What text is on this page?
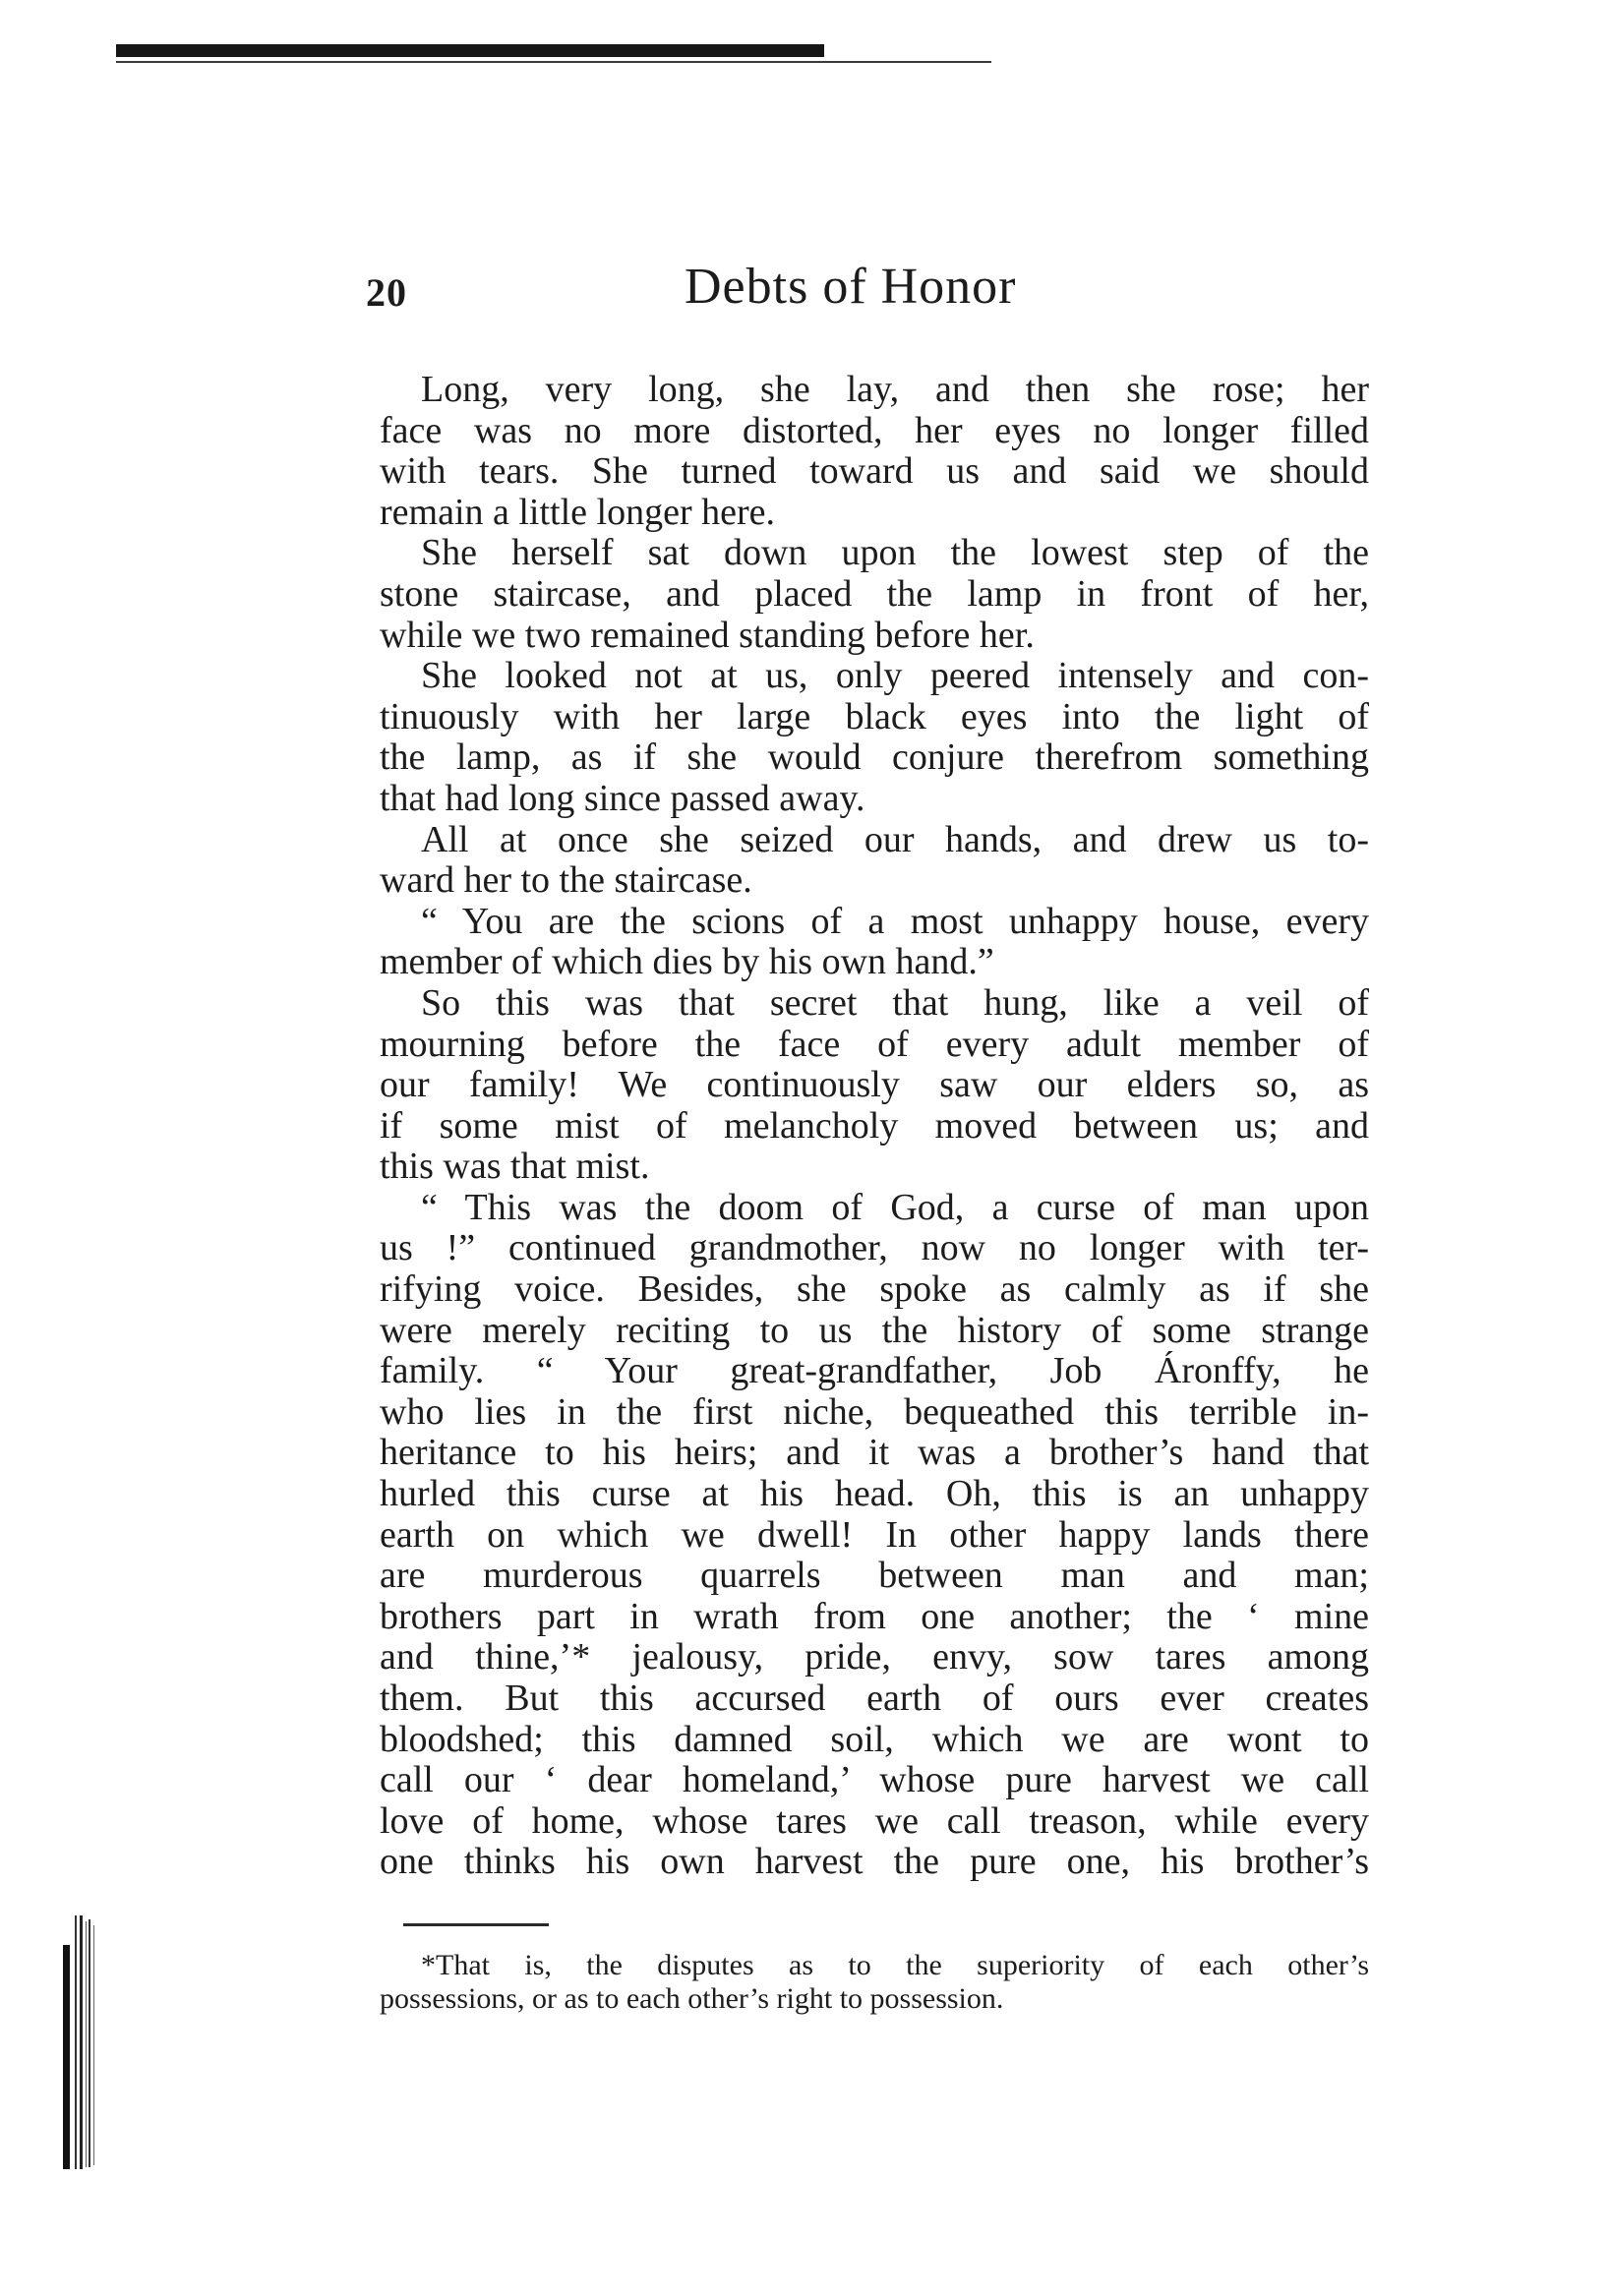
20	Debts of Honor
Long, very long, she lay, and then she rose; her
face was no more distorted, her eyes no longer filled
with tears. She turned toward us and said we should
remain a little longer here.
She herself sat down upon the lowest step of the
stone staircase, and placed the lamp in front of her,
while we two remained standing before her.
She looked not at us, only peered intensely and con-
tinuously with her large black eyes into the light of
the lamp, as if she would conjure therefrom something
that had long since passed away.
All at once she seized our hands, and drew us to-
ward her to the staircase.
“ You are the scions of a most unhappy house, every
member of which dies by his own hand.”
So this was that secret that hung, like a veil of
mourning before the face of every adult member of
our family! We continuously saw our elders so, as
if some mist of melancholy moved between us; and
this was that mist.
“ This was the doom of God, a curse of man upon
us !” continued grandmother, now no longer with ter-
rifying voice. Besides, she spoke as calmly as if she
were merely reciting to us the history of some strange
family. “ Your great-grandfather, Job Áronffy, he
who lies in the first niche, bequeathed this terrible in-
heritance to his heirs; and it was a brother’s hand that
hurled this curse at his head. Oh, this is an unhappy
earth on which we dwell! In other happy lands there
are murderous quarrels between man and man;
brothers part in wrath from one another; the ‘ mine
and thine,’* jealousy, pride, envy, sow tares among
them. But this accursed earth of ours ever creates
bloodshed; this damned soil, which we are wont to
call our ‘ dear homeland,’ whose pure harvest we call
love of home, whose tares we call treason, while every
one thinks his own harvest the pure one, his brother’s
*That is, the disputes as to the superiority of each other’s
possessions, or as to each other’s right to possession.
